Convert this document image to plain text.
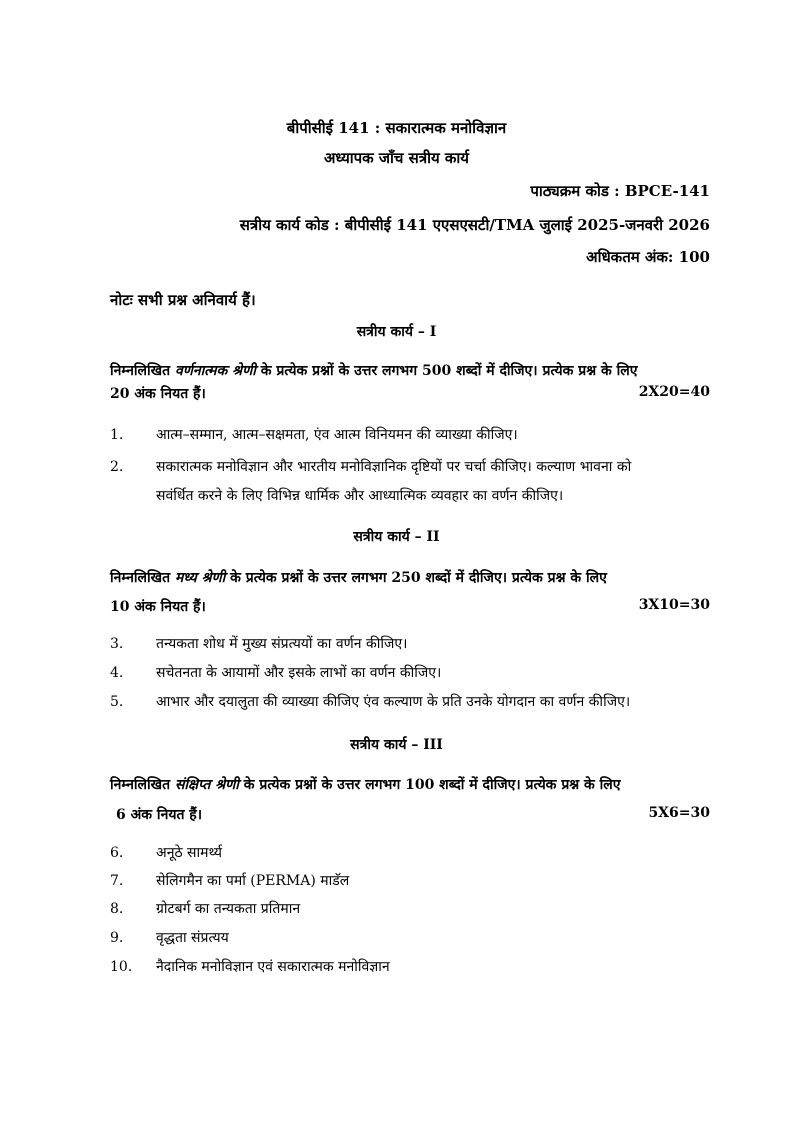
बीपीसीई 141 : सकारात्मक मनोविज्ञान
अध्यापक जाँच सत्रीय कार्य
पाठ्यक्रम कोड : BPCE-141
सत्रीय कार्य कोड : बीपीसीई 141 एएसएसटी/TMA जुलाई 2025-जनवरी 2026
अधिकतम अंक: 100
नोटः सभी प्रश्न अनिवार्य हैं।
सत्रीय कार्य – I
निम्नलिखित वर्णनात्मक श्रेणी के प्रत्येक प्रश्नों के उत्तर लगभग 500 शब्दों में दीजिए। प्रत्येक प्रश्न के लिए
20 अंक नियत हैं।	2X20=40
1. आत्म–सम्मान, आत्म–सक्षमता, एंव आत्म विनियमन की व्याख्या कीजिए।
2. सकारात्मक मनोविज्ञान और भारतीय मनोविज्ञानिक दृष्टियों पर चर्चा कीजिए। कल्याण भावना को
सवंर्धित करने के लिए विभिन्न धार्मिक और आध्यात्मिक व्यवहार का वर्णन कीजिए।
सत्रीय कार्य – II
निम्नलिखित मध्य श्रेणी के प्रत्येक प्रश्नों के उत्तर लगभग 250 शब्दों में दीजिए। प्रत्येक प्रश्न के लिए
10 अंक नियत हैं।	3X10=30
3. तन्यकता शोध में मुख्य संप्रत्ययों का वर्णन कीजिए।
4. सचेतनता के आयामों और इसके लाभों का वर्णन कीजिए।
5. आभार और दयालुता की व्याख्या कीजिए एंव कल्याण के प्रति उनके योगदान का वर्णन कीजिए।
सत्रीय कार्य – III
निम्नलिखित संक्षिप्त श्रेणी के प्रत्येक प्रश्नों के उत्तर लगभग 100 शब्दों में दीजिए। प्रत्येक प्रश्न के लिए
6 अंक नियत हैं।	5X6=30
6. अनूठे सामर्थ्य
7. सेलिगमैन का पर्मा (PERMA) माडॅल
8. ग्रोटबर्ग का तन्यकता प्रतिमान
9. वृद्धता संप्रत्यय
10. नैदानिक मनोविज्ञान एवं सकारात्मक मनोविज्ञान
